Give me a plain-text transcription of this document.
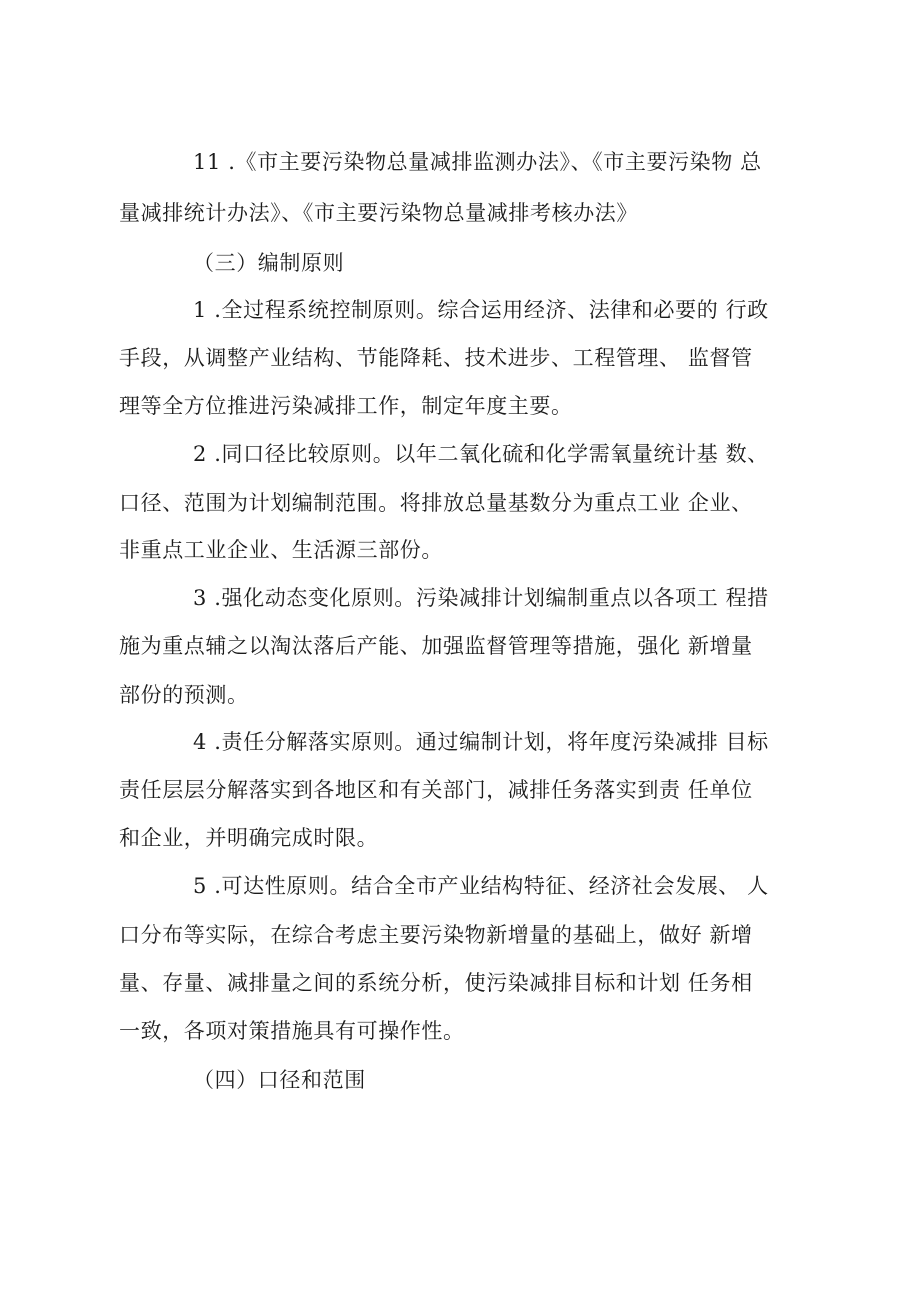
11 .《市主要污染物总量减排监测办法》、《市主要污染物 总
量减排统计办法》、《市主要污染物总量减排考核办法》
（三）编制原则
1 .全过程系统控制原则。综合运用经济、法律和必要的 行政
手段，从调整产业结构、节能降耗、技术进步、工程管理、 监督管
理等全方位推进污染减排工作，制定年度主要。
2 .同口径比较原则。以年二氧化硫和化学需氧量统计基 数、
口径、范围为计划编制范围。将排放总量基数分为重点工业 企业、
非重点工业企业、生活源三部份。
3 .强化动态变化原则。污染减排计划编制重点以各项工 程措
施为重点辅之以淘汰落后产能、加强监督管理等措施，强化 新增量
部份的预测。
4 .责任分解落实原则。通过编制计划，将年度污染减排 目标
责任层层分解落实到各地区和有关部门，减排任务落实到责 任单位
和企业，并明确完成时限。
5 .可达性原则。结合全市产业结构特征、经济社会发展、 人
口分布等实际，在综合考虑主要污染物新增量的基础上，做好 新增
量、存量、减排量之间的系统分析，使污染减排目标和计划 任务相
一致，各项对策措施具有可操作性。
（四）口径和范围
